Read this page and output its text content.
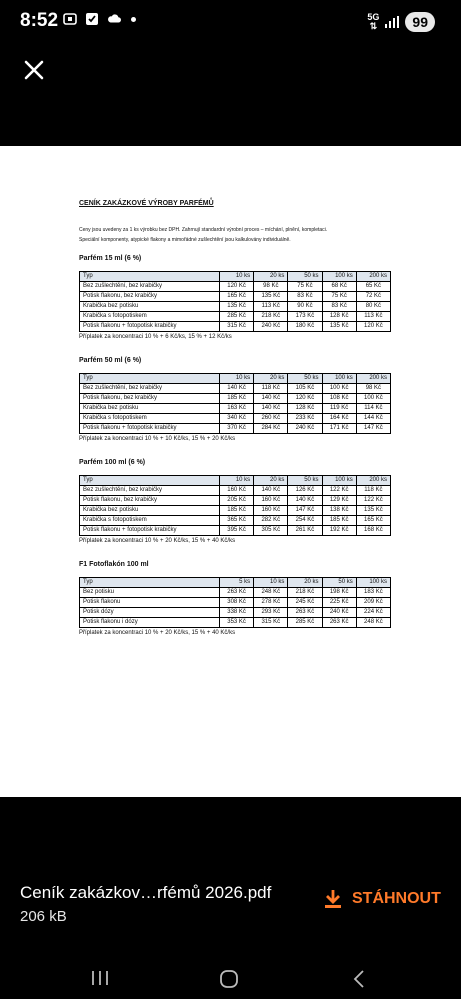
8:52	5G
⇅	99
CENÍK ZAKÁZKOVÉ VÝROBY PARFÉMŮ
Ceny jsou uvedeny za 1 ks výrobku bez DPH. Zahrnují standardní výrobní proces – míchání, plnění, kompletaci.
Speciální komponenty, atypické flakony a mimořádné zušlechtění jsou kalkulovány individuálně.
Parfém 15 ml (6 %)
Typ	10 ks	20 ks	50 ks	100 ks	200 ks
Bez zušlechtění, bez krabičky	120 Kč	98 Kč	75 Kč	68 Kč	65 Kč
Potisk flakonu, bez krabičky	165 Kč	135 Kč	83 Kč	75 Kč	72 Kč
Krabička bez potisku	135 Kč	113 Kč	90 Kč	83 Kč	80 Kč
Krabička s fotopotiskem	285 Kč	218 Kč	173 Kč	128 Kč	113 Kč
Potisk flakonu + fotopotisk krabičky	315 Kč	240 Kč	180 Kč	135 Kč	120 Kč
Příplatek za koncentraci 10 % + 6 Kč/ks, 15 % + 12 Kč/ks
Parfém 50 ml (6 %)
Typ	10 ks	20 ks	50 ks	100 ks	200 ks
Bez zušlechtění, bez krabičky	140 Kč	118 Kč	105 Kč	100 Kč	98 Kč
Potisk flakonu, bez krabičky	185 Kč	140 Kč	120 Kč	108 Kč	100 Kč
Krabička bez potisku	163 Kč	140 Kč	128 Kč	119 Kč	114 Kč
Krabička s fotopotiskem	340 Kč	260 Kč	233 Kč	164 Kč	144 Kč
Potisk flakonu + fotopotisk krabičky	370 Kč	284 Kč	240 Kč	171 Kč	147 Kč
Příplatek za koncentraci 10 % + 10 Kč/ks, 15 % + 20 Kč/ks
Parfém 100 ml (6 %)
Typ	10 ks	20 ks	50 ks	100 ks	200 ks
Bez zušlechtění, bez krabičky	160 Kč	140 Kč	126 Kč	122 Kč	118 Kč
Potisk flakonu, bez krabičky	205 Kč	160 Kč	140 Kč	129 Kč	122 Kč
Krabička bez potisku	185 Kč	160 Kč	147 Kč	138 Kč	135 Kč
Krabička s fotopotiskem	365 Kč	282 Kč	254 Kč	185 Kč	165 Kč
Potisk flakonu + fotopotisk krabičky	395 Kč	305 Kč	261 Kč	192 Kč	168 Kč
Příplatek za koncentraci 10 % + 20 Kč/ks, 15 % + 40 Kč/ks
F1 Fotoflakón 100 ml
Typ	5 ks	10 ks	20 ks	50 ks	100 ks
Bez potisku	263 Kč	248 Kč	218 Kč	198 Kč	183 Kč
Potisk flakonu	308 Kč	278 Kč	245 Kč	225 Kč	209 Kč
Potisk dózy	338 Kč	293 Kč	263 Kč	240 Kč	224 Kč
Potisk flakonu i dózy	353 Kč	315 Kč	285 Kč	263 Kč	248 Kč
Příplatek za koncentraci 10 % + 20 Kč/ks, 15 % + 40 Kč/ks
Ceník zakázkov…rfémů 2026.pdf
206 kB
STÁHNOUT
